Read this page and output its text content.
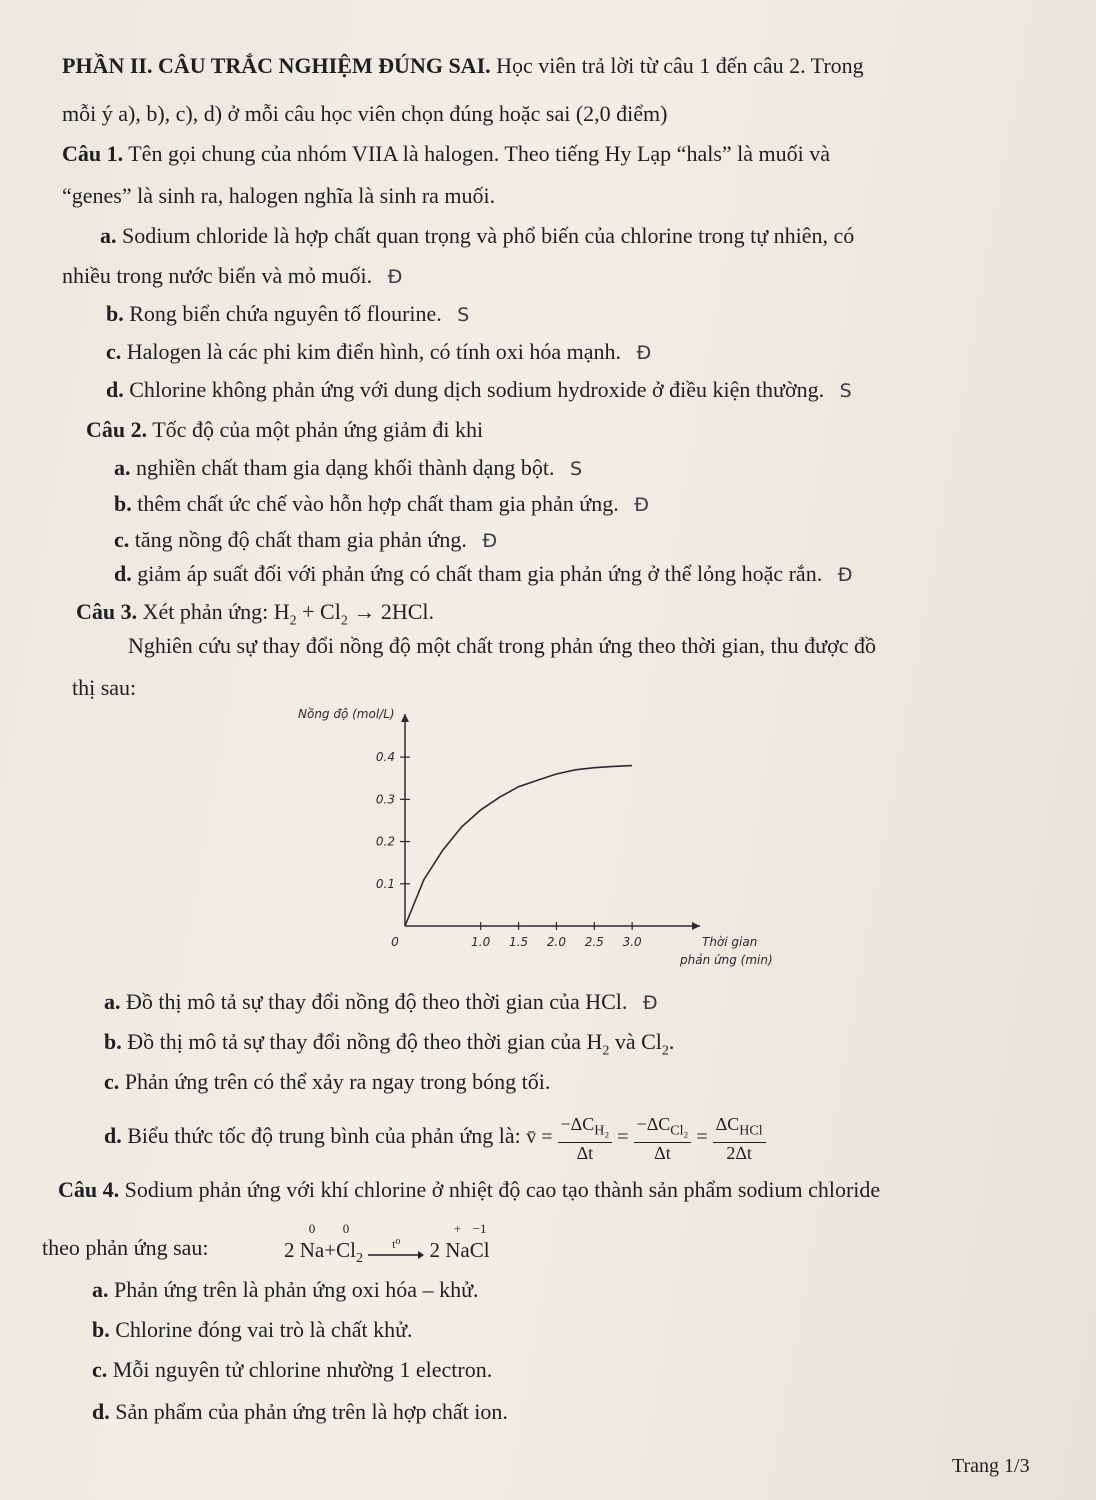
PHẦN II. CÂU TRẮC NGHIỆM ĐÚNG SAI. Học viên trả lời từ câu 1 đến câu 2. Trong
mỗi ý a), b), c), d) ở mỗi câu học viên chọn đúng hoặc sai (2,0 điểm)
Câu 1. Tên gọi chung của nhóm VIIA là halogen. Theo tiếng Hy Lạp “hals” là muối và
“genes” là sinh ra, halogen nghĩa là sinh ra muối.
a. Sodium chloride là hợp chất quan trọng và phổ biến của chlorine trong tự nhiên, có
nhiều trong nước biển và mỏ muối. Đ
b. Rong biển chứa nguyên tố flourine. S
c. Halogen là các phi kim điển hình, có tính oxi hóa mạnh. Đ
d. Chlorine không phản ứng với dung dịch sodium hydroxide ở điều kiện thường. S
Câu 2. Tốc độ của một phản ứng giảm đi khi
a. nghiền chất tham gia dạng khối thành dạng bột. S
b. thêm chất ức chế vào hỗn hợp chất tham gia phản ứng. Đ
c. tăng nồng độ chất tham gia phản ứng. Đ
d. giảm áp suất đối với phản ứng có chất tham gia phản ứng ở thể lỏng hoặc rắn. Đ
Câu 3. Xét phản ứng: $H_2 + Cl_2 \to 2HCl$.
Nghiên cứu sự thay đổi nồng độ một chất trong phản ứng theo thời gian, thu được đồ
thị sau:
Nồng độ (mol/L)
0.1
0.2
0.3
0.4
1.0 1.5 2.0 2.5 3.0
0	Thời gian
phản ứng (min)
a. Đồ thị mô tả sự thay đổi nồng độ theo thời gian của HCl. Đ
b. Đồ thị mô tả sự thay đổi nồng độ theo thời gian của $H_2$ và $Cl_2$.
c. Phản ứng trên có thể xảy ra ngay trong bóng tối.
d. Biểu thức tốc độ trung bình của phản ứng là: v̄ = $\frac{-\Delta C_{H_2}}{\Delta t} = \frac{-\Delta C_{Cl_2}}{\Delta t} = \frac{\Delta C_{HCl}}{2\Delta t}$
Câu 4. Sodium phản ứng với khí chlorine ở nhiệt độ cao tạo thành sản phẩm sodium chloride
theo phản ứng sau:	2
0
Na+
0
$Cl_2$
t⁰	2
+
Na
−1
Cl
a. Phản ứng trên là phản ứng oxi hóa – khử.
b. Chlorine đóng vai trò là chất khử.
c. Mỗi nguyên tử chlorine nhường 1 electron.
d. Sản phẩm của phản ứng trên là hợp chất ion.
Trang 1/3
